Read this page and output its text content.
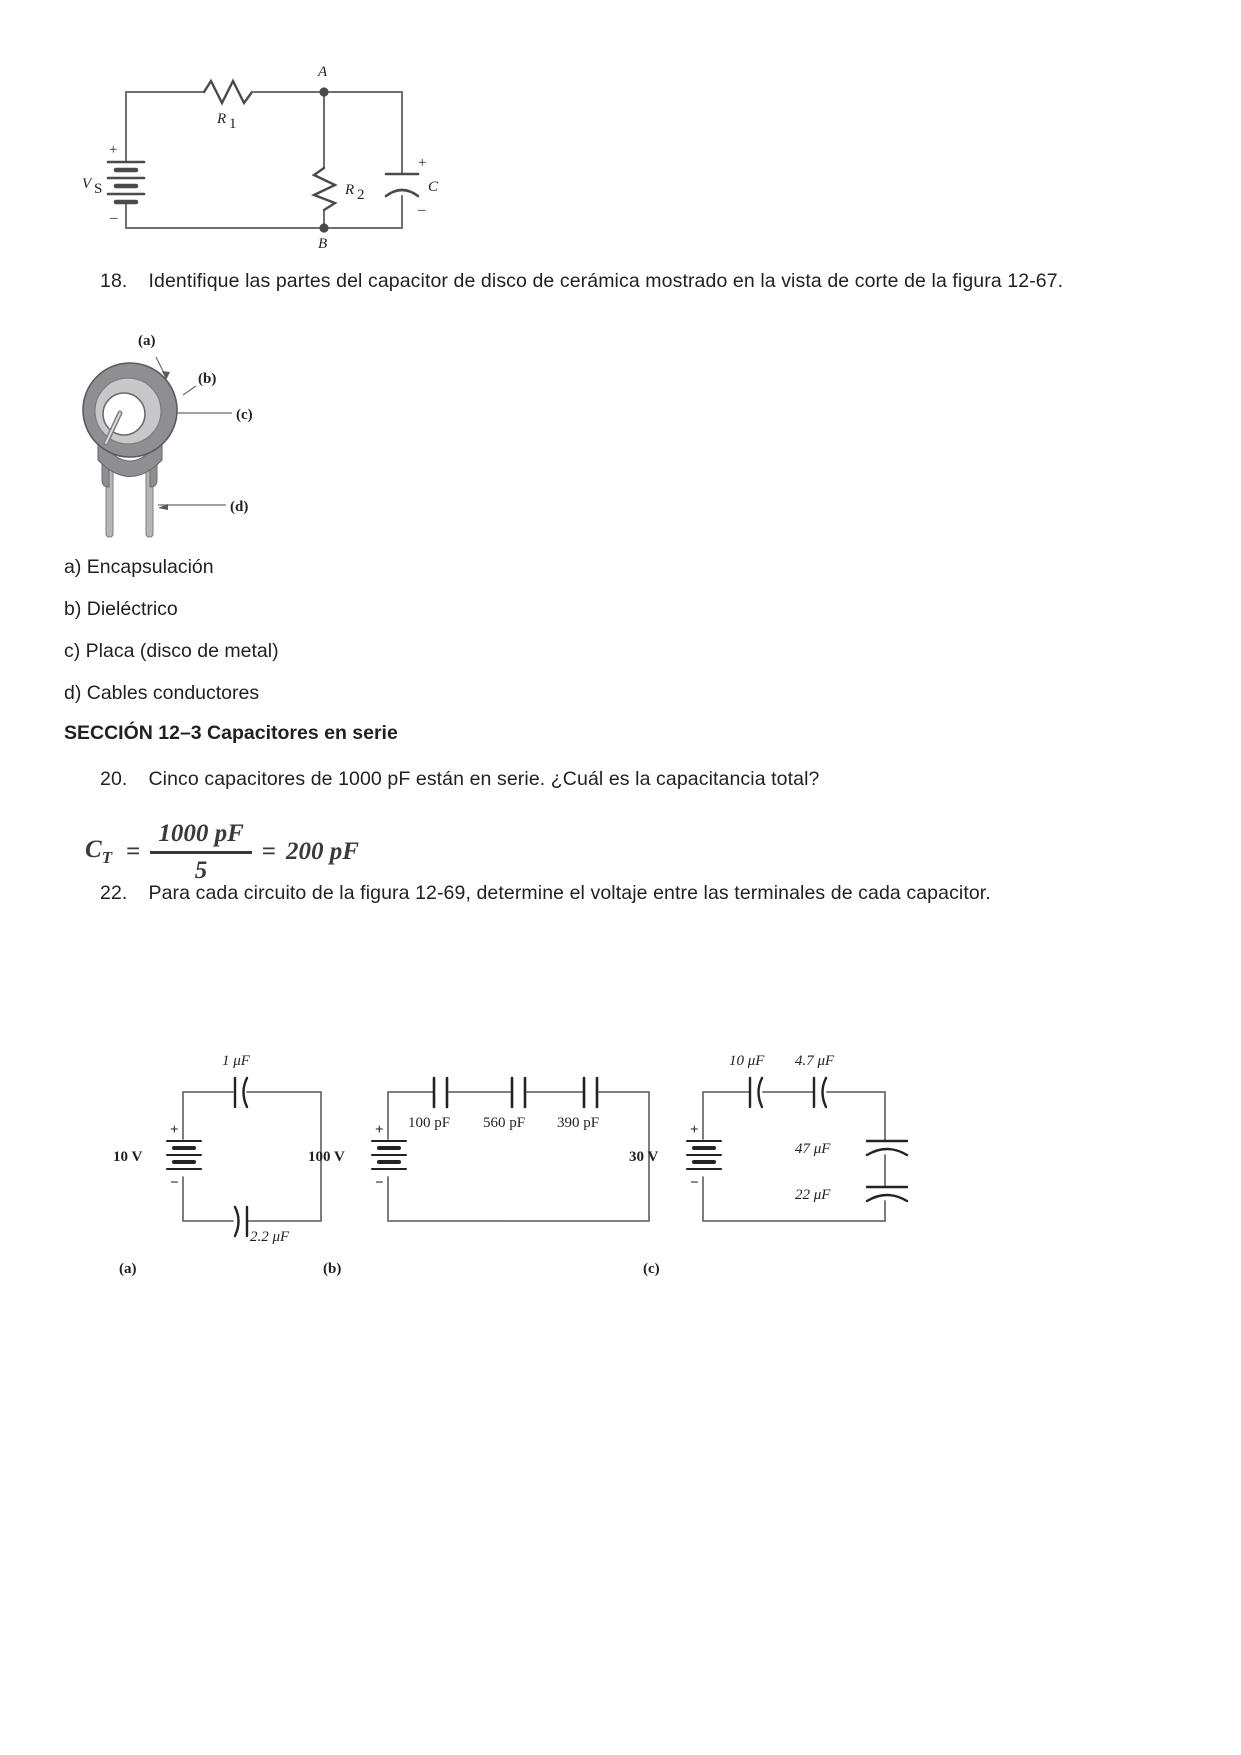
V S
+
–
R 1
R 2
A
B
C
+
–
18. Identifique las partes del capacitor de disco de cerámica mostrado en la vista de corte de la figura 12-67.
(a)
(b)
(c)
(d)
a) Encapsulación
b) Dieléctrico
c) Placa (disco de metal)
d) Cables conductores
SECCIÓN 12–3 Capacitores en serie
20. Cinco capacitores de 1000 pF están en serie. ¿Cuál es la capacitancia total?
$C_T = \frac{1000 pF}{5} = 200$ pF
22. Para cada circuito de la figura 12-69, determine el voltaje entre las terminales de cada capacitor.
10 V
+
−
1 μF
2.2 μF
(a)
100 V
+
−
100 pF 560 pF 390 pF
(b)
30 V
+
−
10 μF 4.7 μF
47 μF
22 μF
(c)
